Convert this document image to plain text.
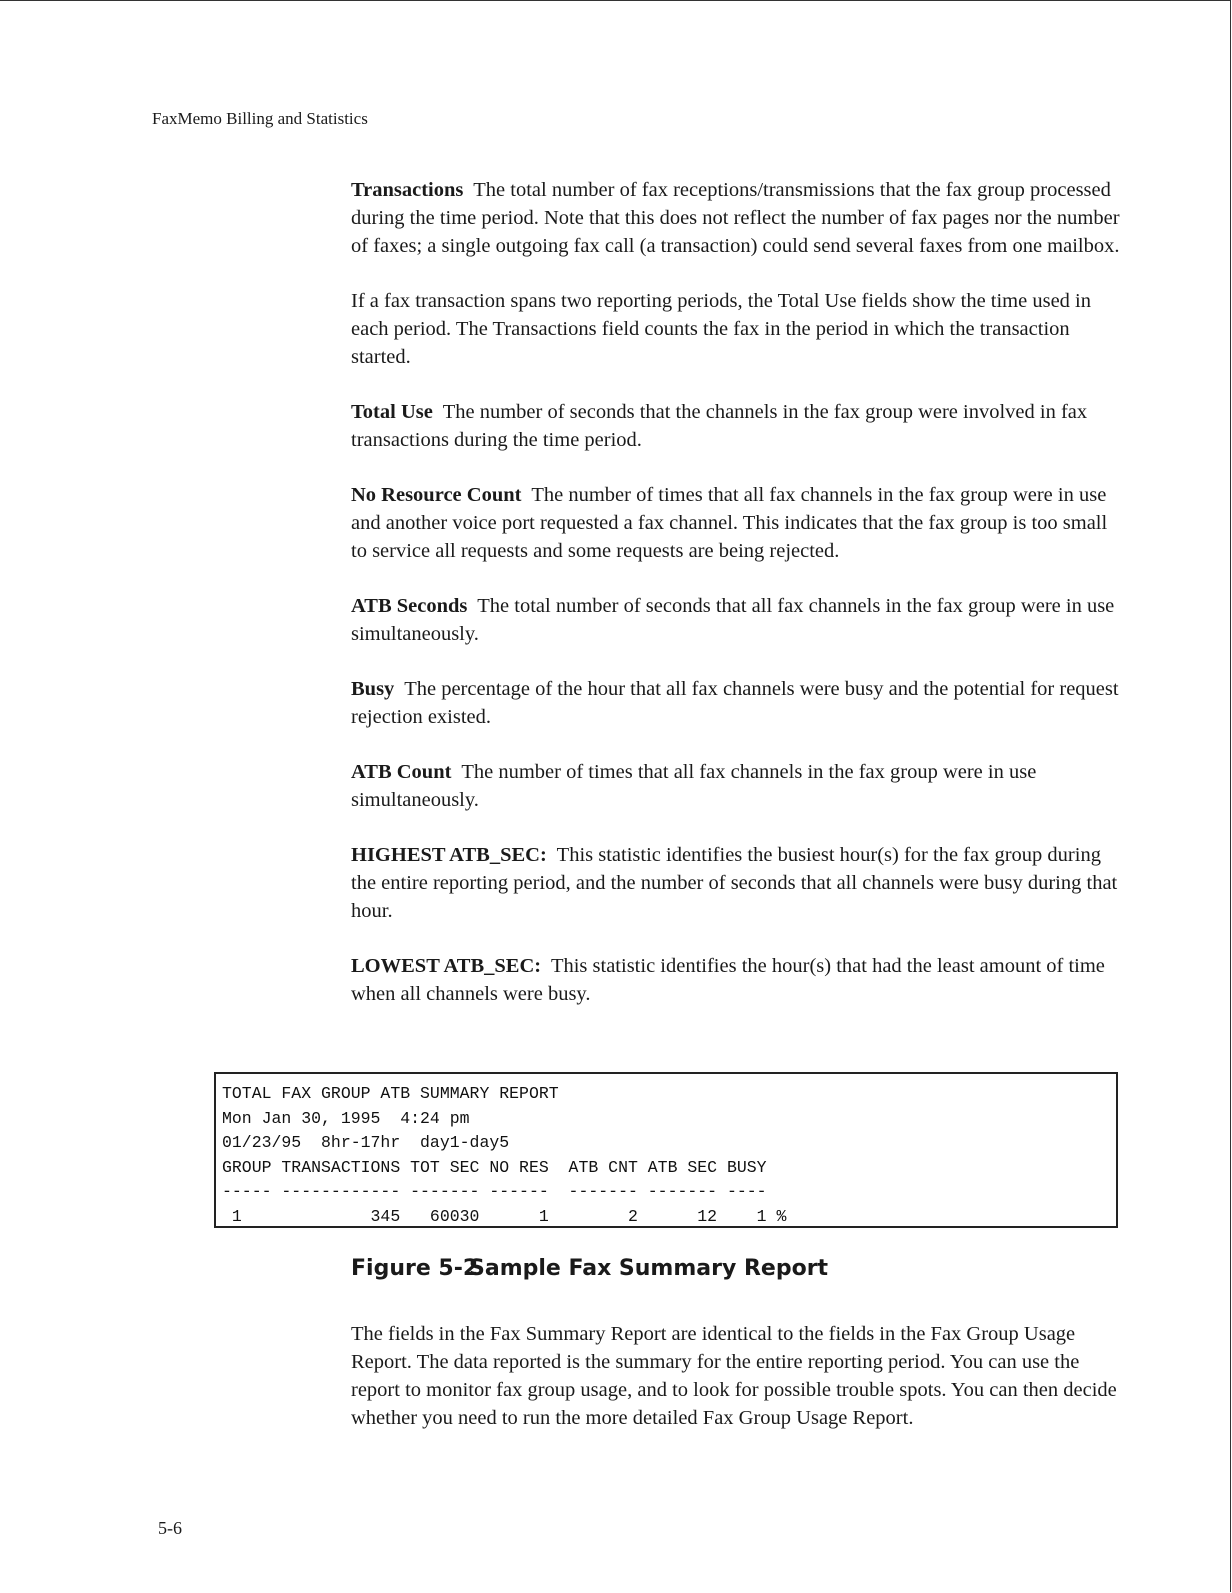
FaxMemo Billing and Statistics

Transactions The total number of fax receptions/transmissions that the fax group processed during the time period. Note that this does not reflect the number of fax pages nor the number of faxes; a single outgoing fax call (a transaction) could send several faxes from one mailbox.

If a fax transaction spans two reporting periods, the Total Use fields show the time used in each period. The Transactions field counts the fax in the period in which the transaction started.

Total Use The number of seconds that the channels in the fax group were involved in fax transactions during the time period.

No Resource Count The number of times that all fax channels in the fax group were in use and another voice port requested a fax channel. This indicates that the fax group is too small to service all requests and some requests are being rejected.

ATB Seconds The total number of seconds that all fax channels in the fax group were in use simultaneously.

Busy The percentage of the hour that all fax channels were busy and the potential for request rejection existed.

ATB Count The number of times that all fax channels in the fax group were in use simultaneously.

HIGHEST ATB_SEC: This statistic identifies the busiest hour(s) for the fax group during the entire reporting period, and the number of seconds that all channels were busy during that hour.

LOWEST ATB_SEC: This statistic identifies the hour(s) that had the least amount of time when all channels were busy.

TOTAL FAX GROUP ATB SUMMARY REPORT
Mon Jan 30, 1995  4:24 pm
01/23/95  8hr-17hr  day1-day5
GROUP TRANSACTIONS TOT SEC NO RES  ATB CNT ATB SEC BUSY
----- ------------ ------- ------  ------- ------- ----
1             345   60030      1        2      12    1 %
Figure 5-2Sample Fax Summary Report

The fields in the Fax Summary Report are identical to the fields in the Fax Group Usage Report. The data reported is the summary for the entire reporting period. You can use the report to monitor fax group usage, and to look for possible trouble spots. You can then decide whether you need to run the more detailed Fax Group Usage Report.

5-6
